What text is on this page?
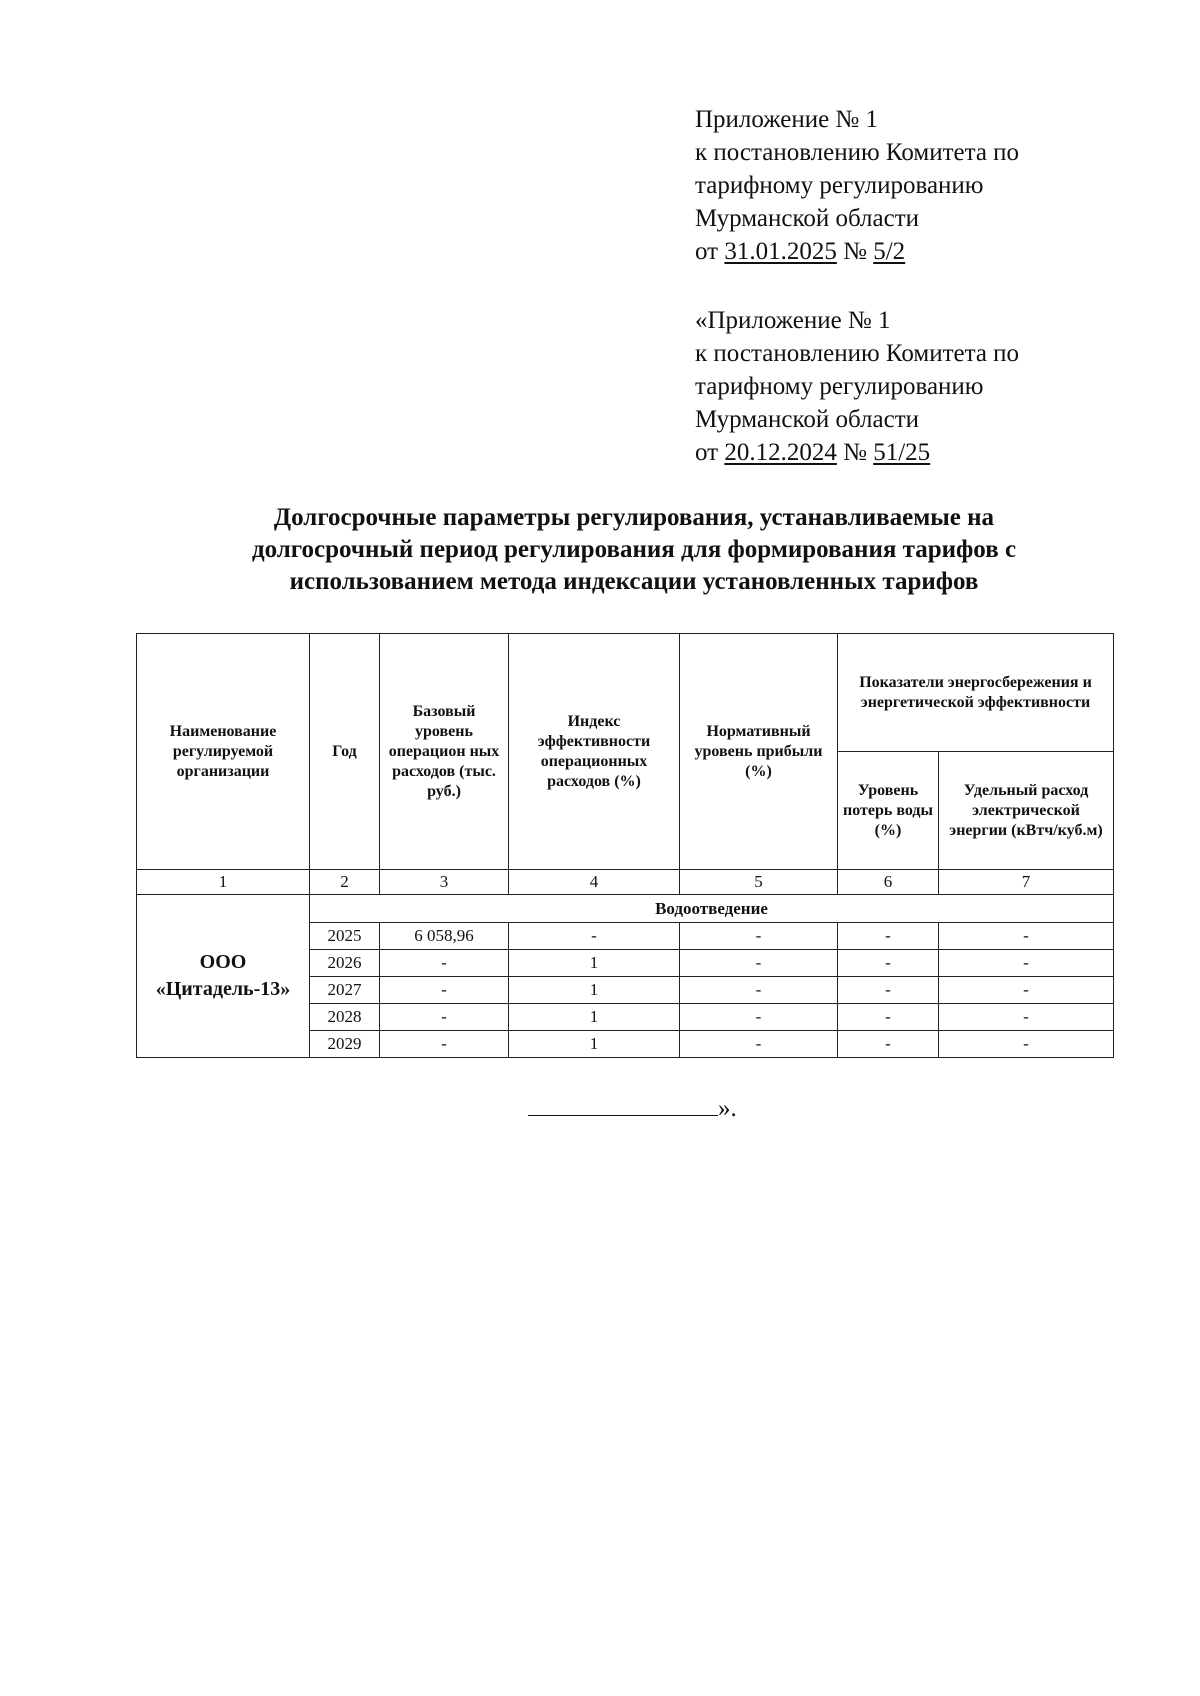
Приложение № 1
к постановлению Комитета по
тарифному регулированию
Мурманской области
от 31.01.2025 № 5/2
«Приложение № 1
к постановлению Комитета по
тарифному регулированию
Мурманской области
от 20.12.2024 № 51/25
Долгосрочные параметры регулирования, устанавливаемые на
долгосрочный период регулирования для формирования тарифов с
использованием метода индексации установленных тарифов
Наименование регулируемой организации	Год	Базовый уровень операцион ных расходов (тыс. руб.)	Индекс эффективности операционных расходов (%)	Нормативный уровень прибыли (%)	Показатели энергосбережения и энергетической эффективности	
					Уровень потерь воды (%)	Удельный расход электрической энергии (кВтч/куб.м)
1	2	3	4	5	6	7
ООО
«Цитадель-13»	Водоотведение					
	2025	6 058,96	-	-	-	-
	2026	-	1	-	-	-
	2027	-	1	-	-	-
	2028	-	1	-	-	-
	2029	-	1	-	-	-
».
